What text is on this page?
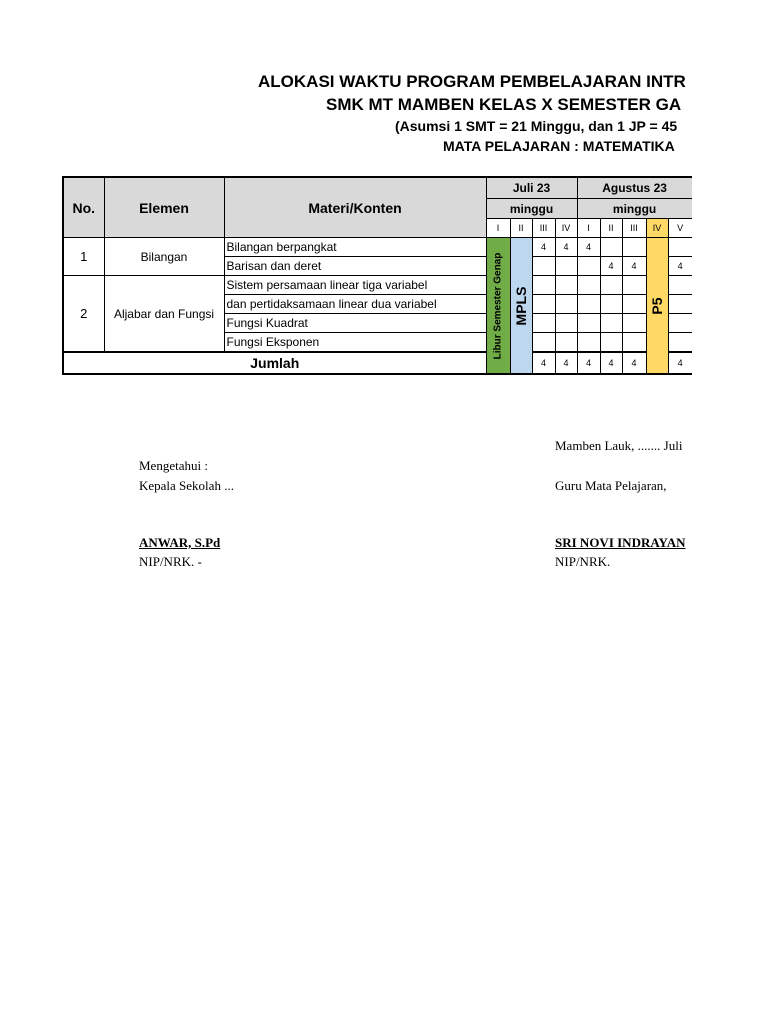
ALOKASI WAKTU PROGRAM PEMBELAJARAN INTR
SMK MT MAMBEN KELAS X SEMESTER GA
(Asumsi 1 SMT = 21 Minggu, dan 1 JP = 45
MATA PELAJARAN : MATEMATIKA
No.	Elemen	Materi/Konten	Juli 23				Agustus 23					
			minggu				minggu					
			I	II	III	IV	I	II	III	IV	V	
1	Bilangan	Bilangan berpangkat	Libur Semester Genap	MPLS	4	4	4			P5		

		Barisan dan deret						4	4		4	
2	Aljabar dan Fungsi	Sistem persamaan linear tiga variabel										
		dan pertidaksamaan linear dua variabel										
		Fungsi Kuadrat										
		Fungsi Eksponen										
Jumlah					4	4	4	4	4		4	
Mamben Lauk, ....... Juli
Mengetahui :
Kepala Sekolah ...	Guru Mata Pelajaran,
ANWAR, S.Pd	SRI NOVI INDRAYAN
NIP/NRK. -	NIP/NRK.
